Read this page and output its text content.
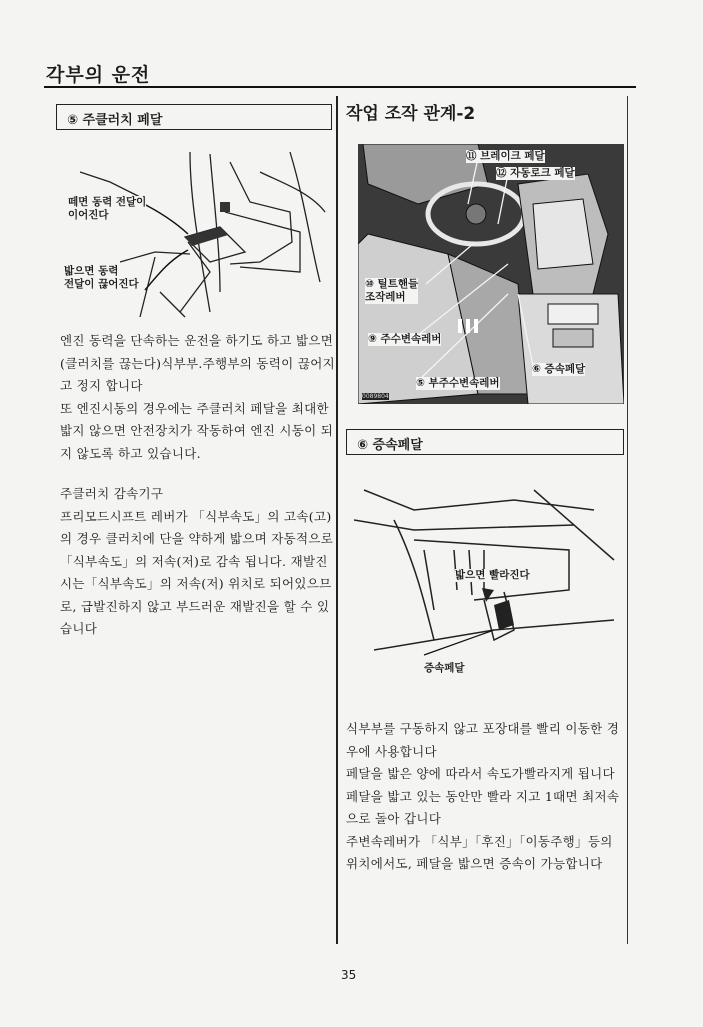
각부의 운전
⑤ 주클러치 페달
떼면 동력 전달이
이어진다
밟으면 동력
전달이 끊어진다

엔진 동력을 단속하는 운전을 하기도 하고 밟으면 (클러치를 끊는다)식부부.주행부의 동력이 끊어지고 정지 합니다

또 엔진시동의 경우에는 주클러치 페달을 최대한 밟지 않으면 안전장치가 작동하여 엔진 시동이 되지 않도록 하고 있습니다.

주클러치 감속기구

프리모드시프트 레버가 「식부속도」의 고속(고)의 경우 클러치에 단을 약하게 밟으며 자동적으로「식부속도」의 저속(저)로 감속 됩니다. 재발진시는「식부속도」의 저속(저) 위치로 되어있으므로, 급발진하지 않고 부드러운 재발진을 할 수 있습니다

작업 조작 관계-2
⑪ 브레이크 페달
⑫ 자동로크 페달
⑩ 틸트핸들
조작레버
⑨ 주수변속레버
⑥ 증속페달
⑤ 부주수변속레버
0089804
⑥ 증속페달
밟으면 빨라진다
증속페달

식부부를 구동하지 않고 포장대를 빨리 이동한 경우에 사용합니다

페달을 밟은 양에 따라서 속도가빨라지게 됩니다

페달을 밟고 있는 동안만 빨라 지고 1때면 최저속으로 돌아 갑니다

주변속레버가 「식부」「후진」「이동주행」등의 위치에서도, 페달을 밟으면 증속이 가능합니다

35
